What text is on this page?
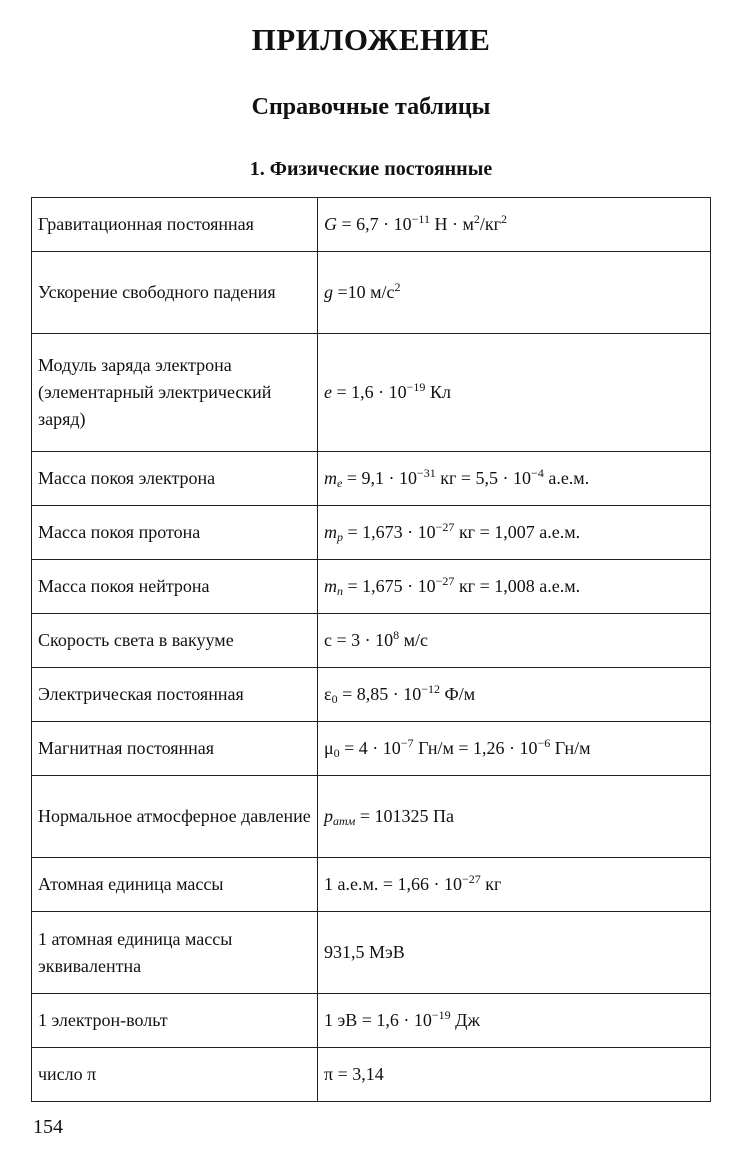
ПРИЛОЖЕНИЕ
Справочные таблицы
1. Физические постоянные
Гравитационная постоянная	$G = 6,7 \cdot 10^{-11}$ $Н \cdot м^2/кг^2$
Ускорение свободного падения	g =10 $м/с^2$
Модуль заряда электрона (элементарный электрический заряд)	$e = 1,6 \cdot 10^{-19}$ Кл
Масса покоя электрона	$m_e = 9,1 \cdot 10^{-31}$ кг = $5,5 \cdot 10^{-4}$ а.е.м.
Масса покоя протона	$m_p = 1,673 \cdot 10^{-27}$ кг = 1,007 а.е.м.
Масса покоя нейтрона	$m_n = 1,675 \cdot 10^{-27}$ кг = 1,008 а.е.м.
Скорость света в вакууме	$c = 3 \cdot 10^8$ м/с
Электрическая постоянная	$\varepsilon_0 = 8,85 \cdot 10^{-12}$ Ф/м
Магнитная постоянная	$\mu_0 = 4 \cdot 10^{-7}$ $Гн/м = 1,26 \cdot 10^{-6}$ Гн/м
Нормальное атмосферное давление	$p_{атм} = 101325$ Па
Атомная единица массы	1 а.е.м. = $1,66 \cdot 10^{-27}$ кг
1 атомная единица массы эквивалентна	931,5 МэВ
1 электрон-вольт	1 эВ = $1,6 \cdot 10^{-19}$ Дж
число π	π = 3,14
154
